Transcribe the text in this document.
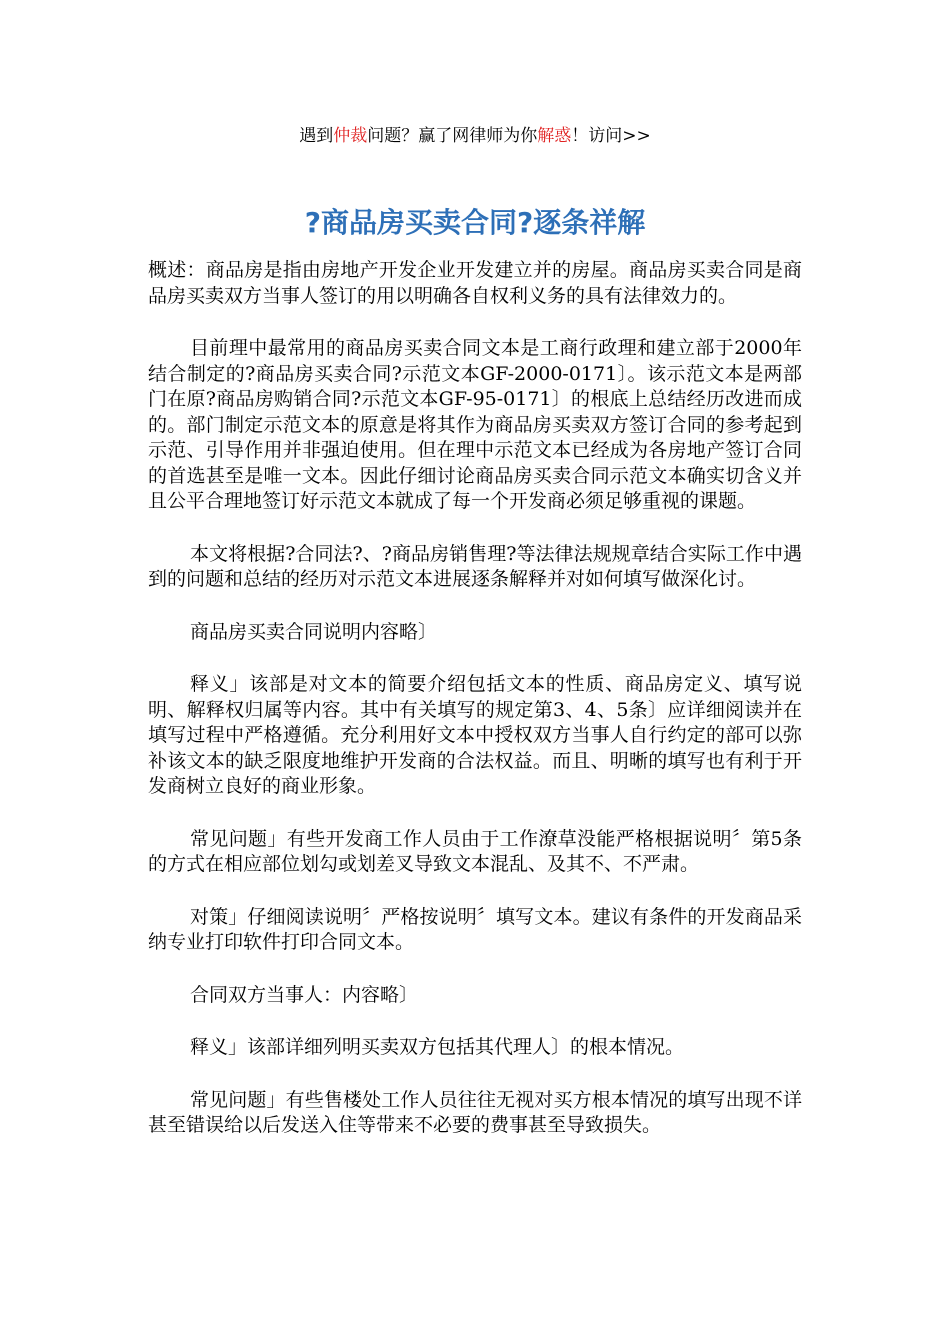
遇到仲裁问题？赢了网律师为你解惑！访问>>
?商品房买卖合同?逐条祥解

概述：商品房是指由房地产开发企业开发建立并的房屋。商品房买卖合同是商品房买卖双方当事人签订的用以明确各自权利义务的具有法律效力的。

目前理中最常用的商品房买卖合同文本是工商行政理和建立部于2000年结合制定的?商品房买卖合同?示范文本GF-2000-0171〕。该示范文本是两部门在原?商品房购销合同?示范文本GF-95-0171〕的根底上总结经历改进而成的。部门制定示范文本的原意是将其作为商品房买卖双方签订合同的参考起到示范、引导作用并非强迫使用。但在理中示范文本已经成为各房地产签订合同的首选甚至是唯一文本。因此仔细讨论商品房买卖合同示范文本确实切含义并且公平合理地签订好示范文本就成了每一个开发商必须足够重视的课题。

本文将根据?合同法?、?商品房销售理?等法律法规规章结合实际工作中遇到的问题和总结的经历对示范文本进展逐条解释并对如何填写做深化讨。

商品房买卖合同说明内容略〕

释义」该部是对文本的简要介绍包括文本的性质、商品房定义、填写说明、解释权归属等内容。其中有关填写的规定第3、4、5条〕应详细阅读并在填写过程中严格遵循。充分利用好文本中授权双方当事人自行约定的部可以弥补该文本的缺乏限度地维护开发商的合法权益。而且、明晰的填写也有利于开发商树立良好的商业形象。

常见问题」有些开发商工作人员由于工作潦草没能严格根据说明〞第5条的方式在相应部位划勾或划差叉导致文本混乱、及其不、不严肃。

对策」仔细阅读说明〞严格按说明〞填写文本。建议有条件的开发商品采纳专业打印软件打印合同文本。

合同双方当事人：内容略〕

释义」该部详细列明买卖双方包括其代理人〕的根本情况。

常见问题」有些售楼处工作人员往往无视对买方根本情况的填写出现不详甚至错误给以后发送入住等带来不必要的费事甚至导致损失。
